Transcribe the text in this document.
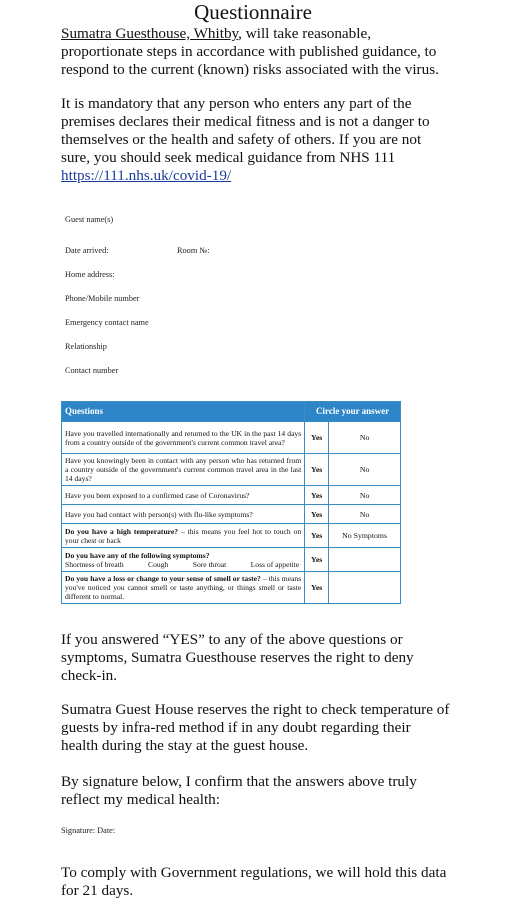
Questionnaire

Sumatra Guesthouse, Whitby, will take reasonable, proportionate steps in accordance with published guidance, to respond to the current (known) risks associated with the virus.

It is mandatory that any person who enters any part of the premises declares their medical fitness and is not a danger to themselves or the health and safety of others. If you are not sure, you should seek medical guidance from NHS 111 https://111.nhs.uk/covid-19/

Guest name(s)
Date arrived:	Room №:
Home address:
Phone/Mobile number
Emergency contact name
Relationship
Contact number
Questions	Circle your answer	
Have you travelled internationally and returned to the UK in the past 14 days from a country outside of the government's current common travel area?	Yes	No
Have you knowingly been in contact with any person who has returned from a country outside of the government's current common travel area in the last 14 days?	Yes	No
Have you been exposed to a confirmed case of Coronavirus?	Yes	No
Have you had contact with person(s) with flu-like symptoms?	Yes	No
Do you have a high temperature? – this means you feel hot to touch on your chest or back	Yes	No Symptoms

Do you have any of the following symptoms?
Shortness of breath Cough Sore throat Loss of appetite	Yes	
Do you have a loss or change to your sense of smell or taste? – this means you've noticed you cannot smell or taste anything, or things smell or taste different to normal.	Yes	
If you answered “YES” to any of the above questions or symptoms, Sumatra Guesthouse reserves the right to deny check-in.
Sumatra Guest House reserves the right to check temperature of guests by infra-red method if in any doubt regarding their health during the stay at the guest house.
By signature below, I confirm that the answers above truly reflect my medical health:
Signature: Date:
To comply with Government regulations, we will hold this data for 21 days.
